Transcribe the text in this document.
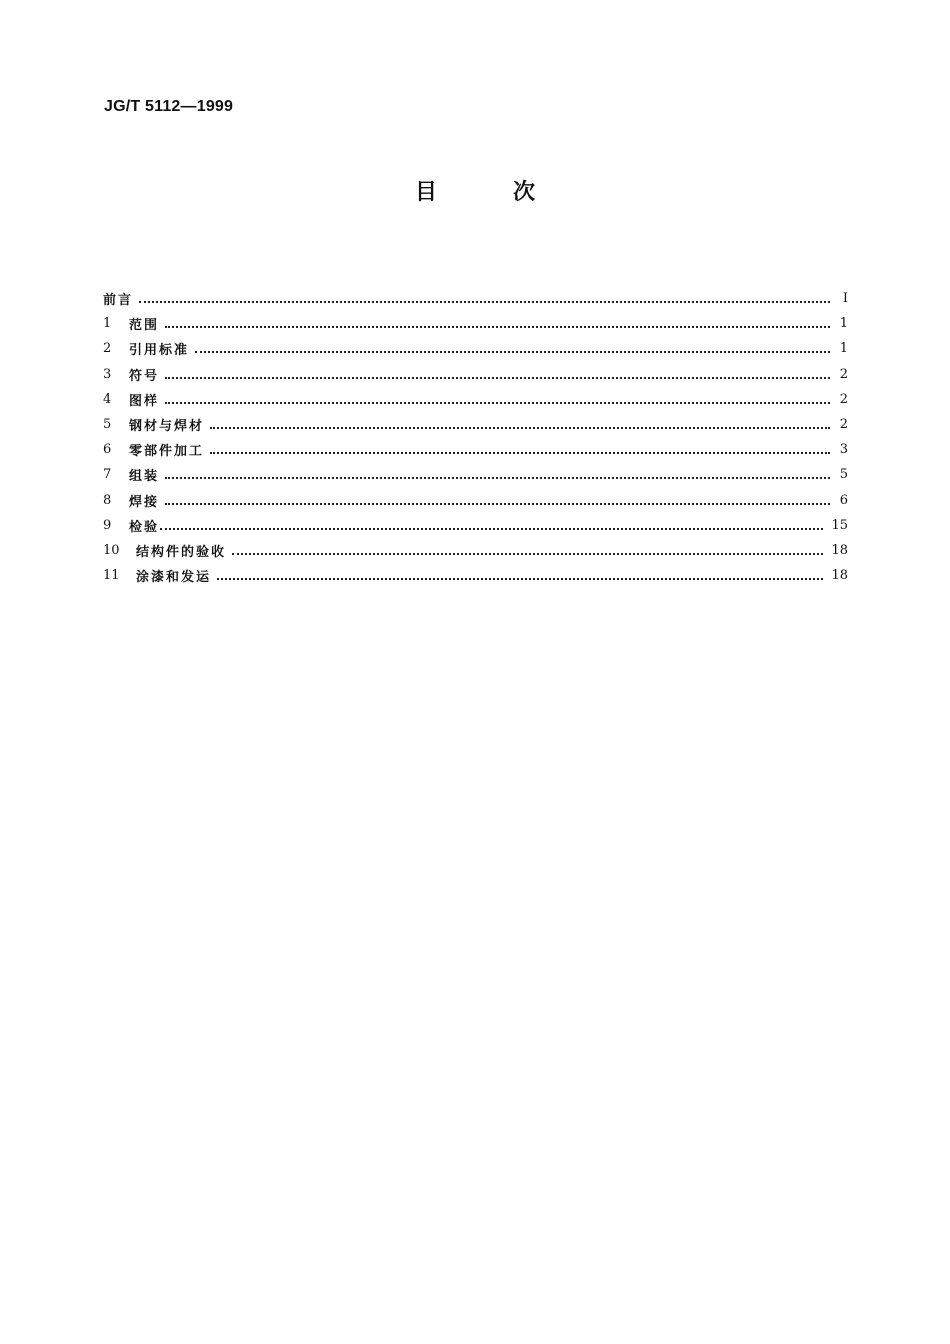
JG/T 5112—1999
目	次
前言	I
1	范围	1
2	引用标准	1
3	符号	2
4	图样	2
5	钢材与焊材	2
6	零部件加工	3
7	组装	5
8	焊接	6
9	检验	15
10	结构件的验收	18
11	涂漆和发运	18
